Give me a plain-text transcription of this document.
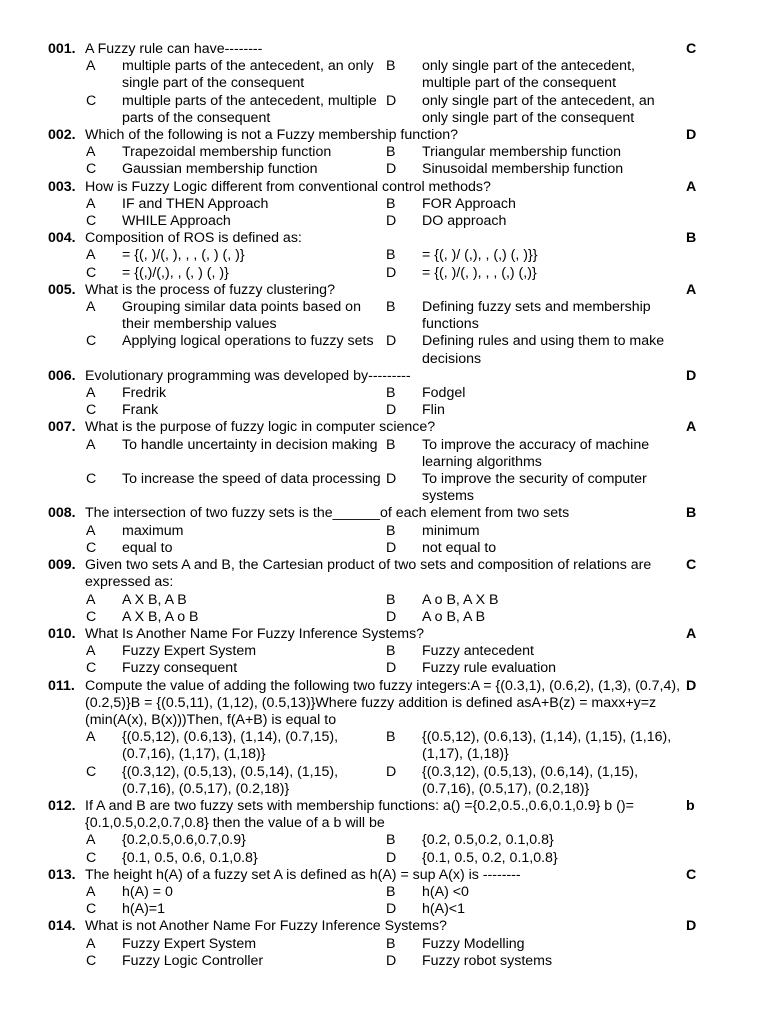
001. A Fuzzy rule can have--------	C
A	multiple parts of the antecedent, an only single part of the consequent
B	only single part of the antecedent, multiple part of the consequent
C	multiple parts of the antecedent, multiple parts of the consequent
D	only single part of the antecedent, an only single part of the consequent
002. Which of the following is not a Fuzzy membership function?	D
A	Trapezoidal membership function	B	Triangular membership function
C	Gaussian membership function	D	Sinusoidal membership function
003. How is Fuzzy Logic different from conventional control methods?	A
A	IF and THEN Approach	B	FOR Approach
C	WHILE Approach	D	DO approach
004. Composition of ROS is defined as:	B
A	= {(, )/(, ), , , (, ) (, )}	B	= {(, )/ (,), , (,) (, )}}
C	= {(,)/(,), , (, ) (, )}	D	= {(, )/(, ), , , (,) (,)}
005. What is the process of fuzzy clustering?	A
A	Grouping similar data points based on their membership values
B	Defining fuzzy sets and membership functions
C	Applying logical operations to fuzzy sets D	Defining rules and using them to make decisions
006. Evolutionary programming was developed by---------	D
A	Fredrik	B	Fodgel
C	Frank	D	Flin
007. What is the purpose of fuzzy logic in computer science?	A
A	To handle uncertainty in decision making B	To improve the accuracy of machine learning algorithms
C	To increase the speed of data processing D	To improve the security of computer systems
008. The intersection of two fuzzy sets is the______of each element from two sets	B
A	maximum	B	minimum
C	equal to	D	not equal to
009. Given two sets A and B, the Cartesian product of two sets and composition of relations are expressed as:
C
A	A X B, A B	B	A o B, A X B
C	A X B, A o B	D	A o B, A B
010. What Is Another Name For Fuzzy Inference Systems?	A
A	Fuzzy Expert System	B	Fuzzy antecedent
C	Fuzzy consequent	D	Fuzzy rule evaluation
011. Compute the value of adding the following two fuzzy integers:A = {(0.3,1), (0.6,2), (1,3), (0.7,4), (0.2,5)}B = {(0.5,11), (1,12), (0.5,13)}Where fuzzy addition is defined asA+B(z) = maxx+y=z (min(A(x), B(x)))Then, f(A+B) is equal to
D
A	{(0.5,12), (0.6,13), (1,14), (0.7,15), (0.7,16), (1,17), (1,18)}
B	{(0.5,12), (0.6,13), (1,14), (1,15), (1,16), (1,17), (1,18)}
C	{(0.3,12), (0.5,13), (0.5,14), (1,15), (0.7,16), (0.5,17), (0.2,18)}
D	{(0.3,12), (0.5,13), (0.6,14), (1,15), (0.7,16), (0.5,17), (0.2,18)}
012. If A and B are two fuzzy sets with membership functions: a() ={0.2,0.5.,0.6,0.1,0.9} b ()= {0.1,0.5,0.2,0.7,0.8} then the value of a b will be
b
A	{0.2,0.5,0.6,0.7,0.9}	B	{0.2, 0.5,0.2, 0.1,0.8}
C	{0.1, 0.5, 0.6, 0.1,0.8}	D	{0.1, 0.5, 0.2, 0.1,0.8}
013. The height h(A) of a fuzzy set A is defined as h(A) = sup A(x) is --------	C
A	h(A) = 0	B	h(A) <0
C	h(A)=1	D	h(A)<1
014. What is not Another Name For Fuzzy Inference Systems?	D
A	Fuzzy Expert System	B	Fuzzy Modelling
C	Fuzzy Logic Controller	D	Fuzzy robot systems
